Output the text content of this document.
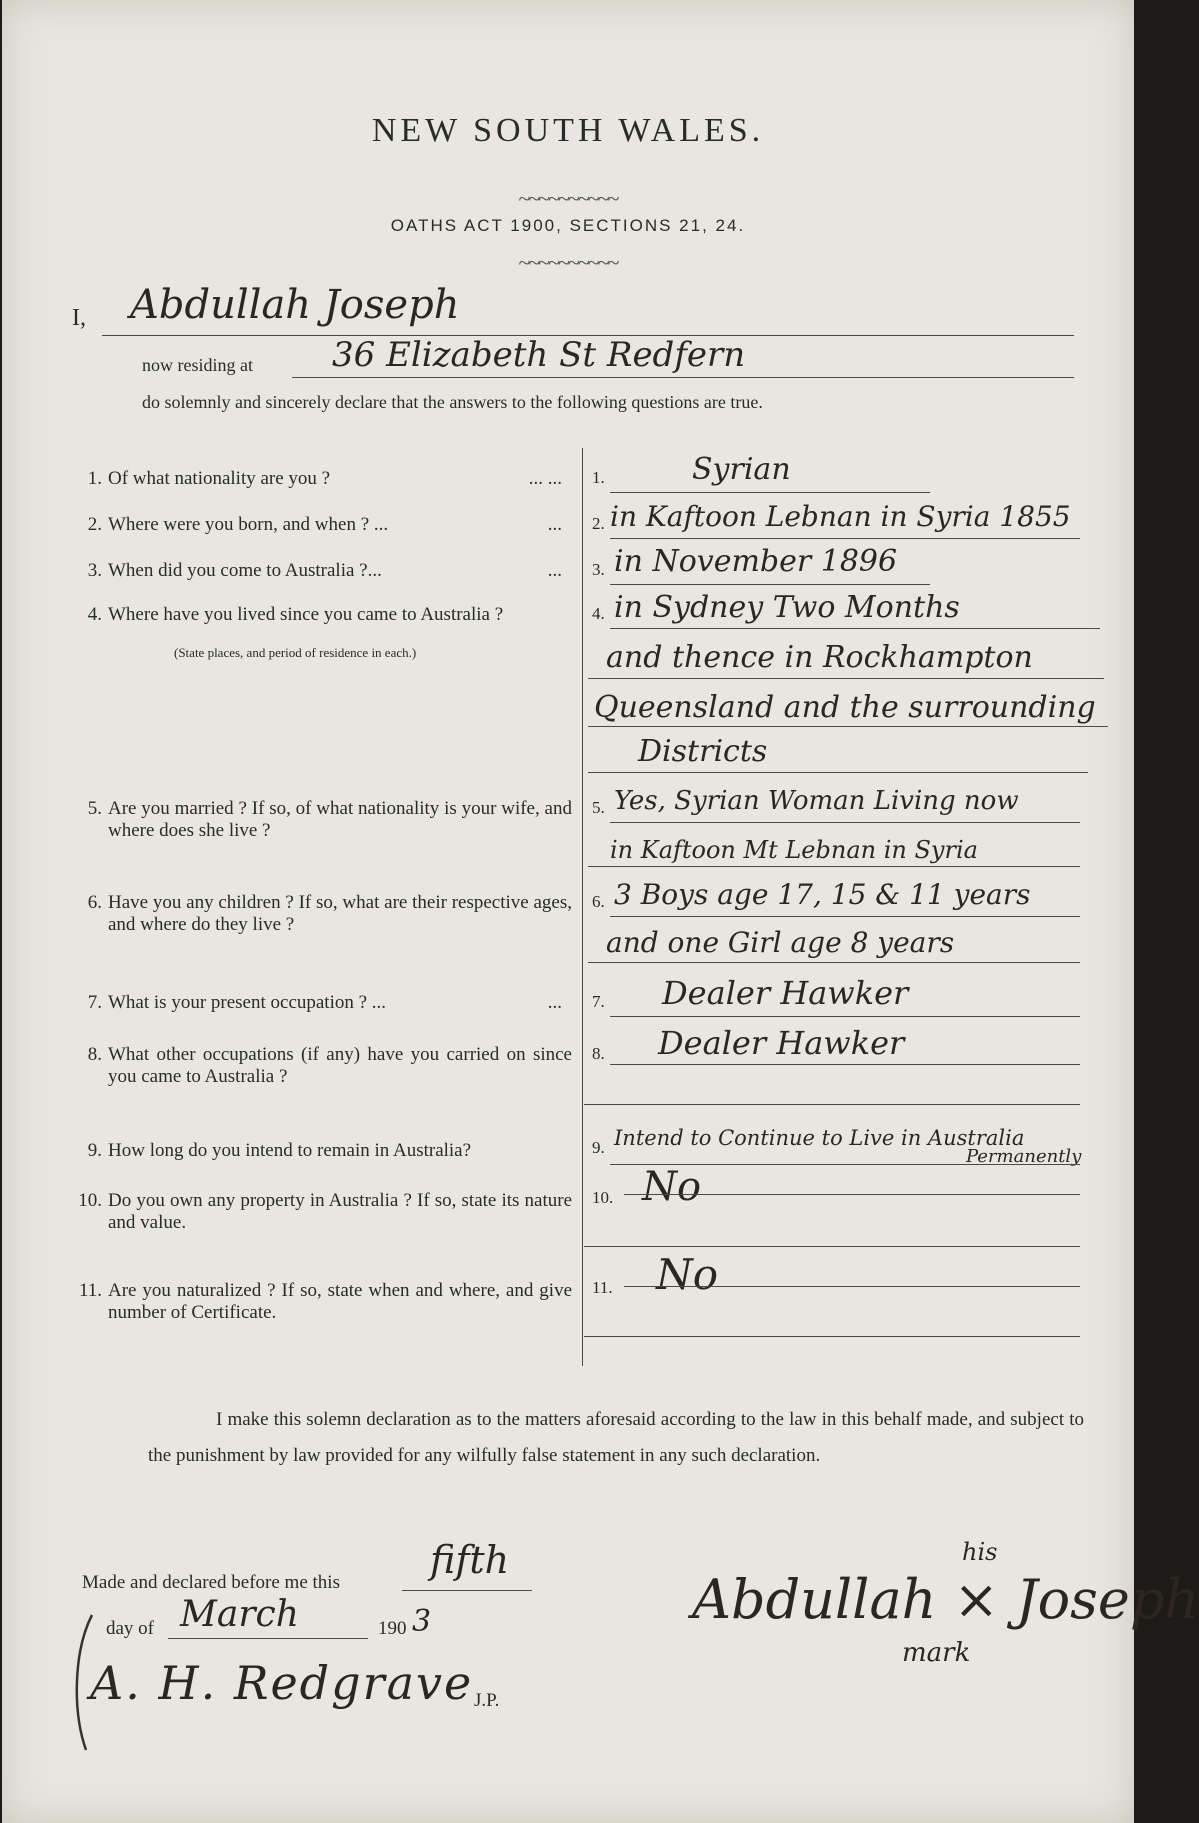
NEW SOUTH WALES.
~~~~~~~~~~
OATHS ACT 1900, SECTIONS 21, 24.
~~~~~~~~~~
I, Abdullah Joseph
now residing at 36 Elizabeth St Redfern
do solemnly and sincerely declare that the answers to the following questions are true.
1. Of what nationality are you ?	... ... 1.	Syrian
2. Where were you born, and when ? ...	... 2. in Kaftoon Lebnan in Syria 1855
3. When did you come to Australia ?...	... 3. in November 1896
4. Where have you lived since you came to Australia ?
(State places, and period of residence in each.)
4. in Sydney Two Months
and thence in Rockhampton
Queensland and the surrounding
Districts
5. Are you married ? If so, of what nationality is your wife, and where does she live ?
5. Yes, Syrian Woman Living now
in Kaftoon Mt Lebnan in Syria
6. Have you any children ? If so, what are their respective ages, and where do they live ?
6. 3 Boys age 17, 15 & 11 years
and one Girl age 8 years
7. What is your present occupation ? ...	... 7. Dealer Hawker
8. What other occupations (if any) have you carried on since you came to Australia ?
8. Dealer Hawker
9. How long do you intend to remain in Australia?	9. Intend to Continue to Live in Australia
Permanently
10. Do you own any property in Australia ? If so, state its nature and value.
10. No
11. Are you naturalized ? If so, state when and where, and give number of Certificate.
11. No
I make this solemn declaration as to the matters aforesaid according to the law in this behalf made, and subject to the punishment by law provided for any wilfully false statement in any such declaration.
Made and declared before me this
fifth
day of March	190 3
A. H. Redgrave J.P.
his
Abdullah × Joseph
mark
